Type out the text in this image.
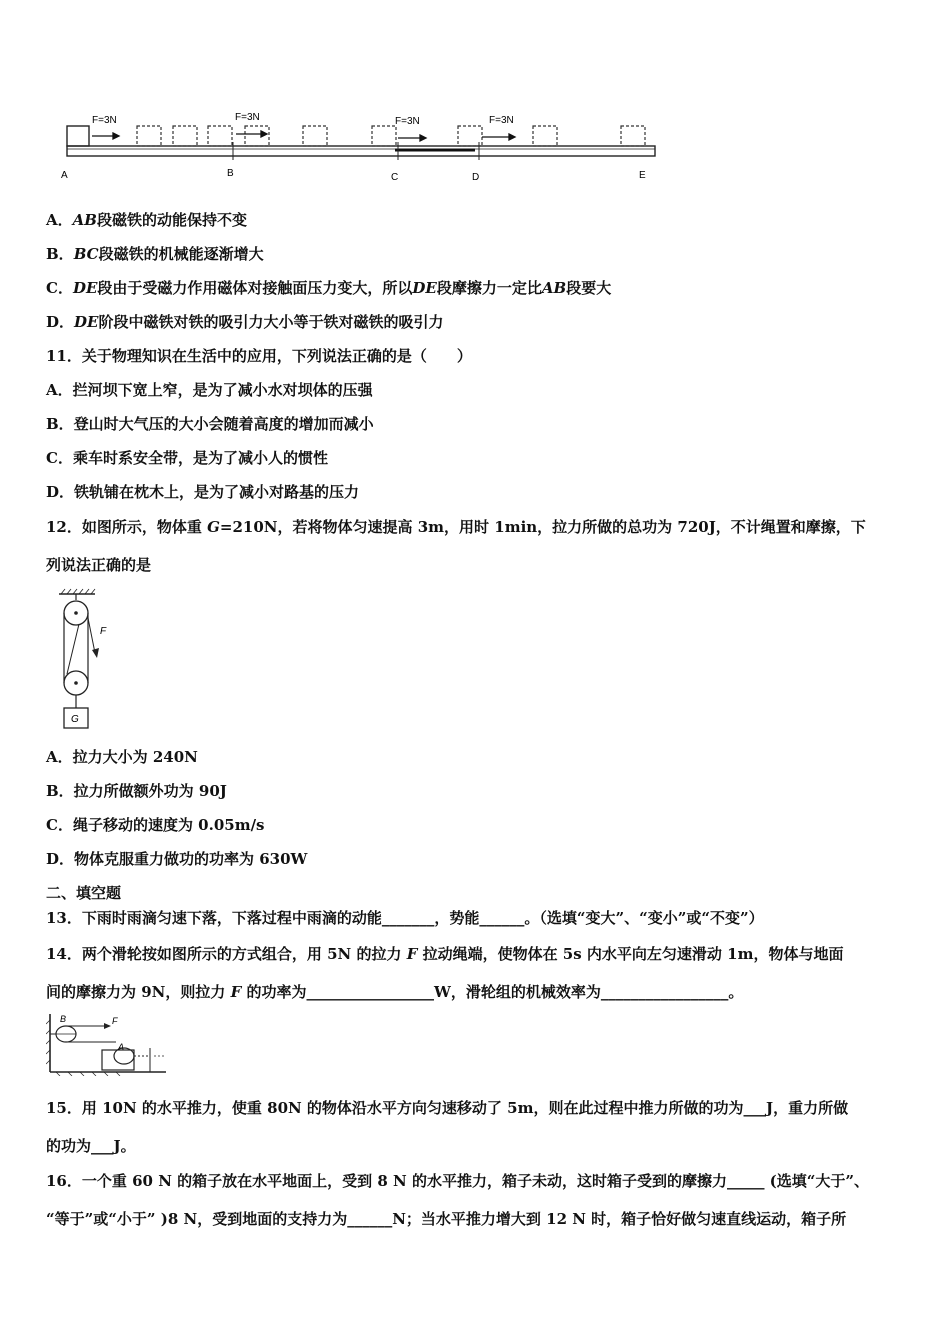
F=3N	F=3N	F=3N	F=3N
A	B	C	D	E
A．AB段磁铁的动能保持不变
B．BC段磁铁的机械能逐渐增大
C．DE段由于受磁力作用磁体对接触面压力变大，所以DE段摩擦力一定比AB段要大
D．DE阶段中磁铁对铁的吸引力大小等于铁对磁铁的吸引力
11．关于物理知识在生活中的应用，下列说法正确的是（　　）
A．拦河坝下宽上窄，是为了减小水对坝体的压强
B．登山时大气压的大小会随着高度的增加而减小
C．乘车时系安全带，是为了减小人的惯性
D．铁轨铺在枕木上，是为了减小对路基的压力
12．如图所示，物体重 G=210N，若将物体匀速提高 3m，用时 1min，拉力所做的总功为 720J，不计绳置和摩擦，下
列说法正确的是
F
G
A．拉力大小为 240N
B．拉力所做额外功为 90J
C．绳子移动的速度为 0.05m/s
D．物体克服重力做功的功率为 630W
二、填空题
13．下雨时雨滴匀速下落，下落过程中雨滴的动能_______，势能______。（选填“变大”、“变小”或“不变”）
14．两个滑轮按如图所示的方式组合，用 5N 的拉力 F 拉动绳端，使物体在 5s 内水平向左匀速滑动 1m，物体与地面
间的摩擦力为 9N，则拉力 F 的功率为_________________W，滑轮组的机械效率为_________________。
B	F
A
15．用 10N 的水平推力，使重 80N 的物体沿水平方向匀速移动了 5m，则在此过程中推力所做的功为___J，重力所做
的功为___J。
16．一个重 60 N 的箱子放在水平地面上，受到 8 N 的水平推力，箱子未动，这时箱子受到的摩擦力_____ (选填“大于”、
“等于”或“小于” )8 N，受到地面的支持力为______N；当水平推力增大到 12 N 时，箱子恰好做匀速直线运动，箱子所
